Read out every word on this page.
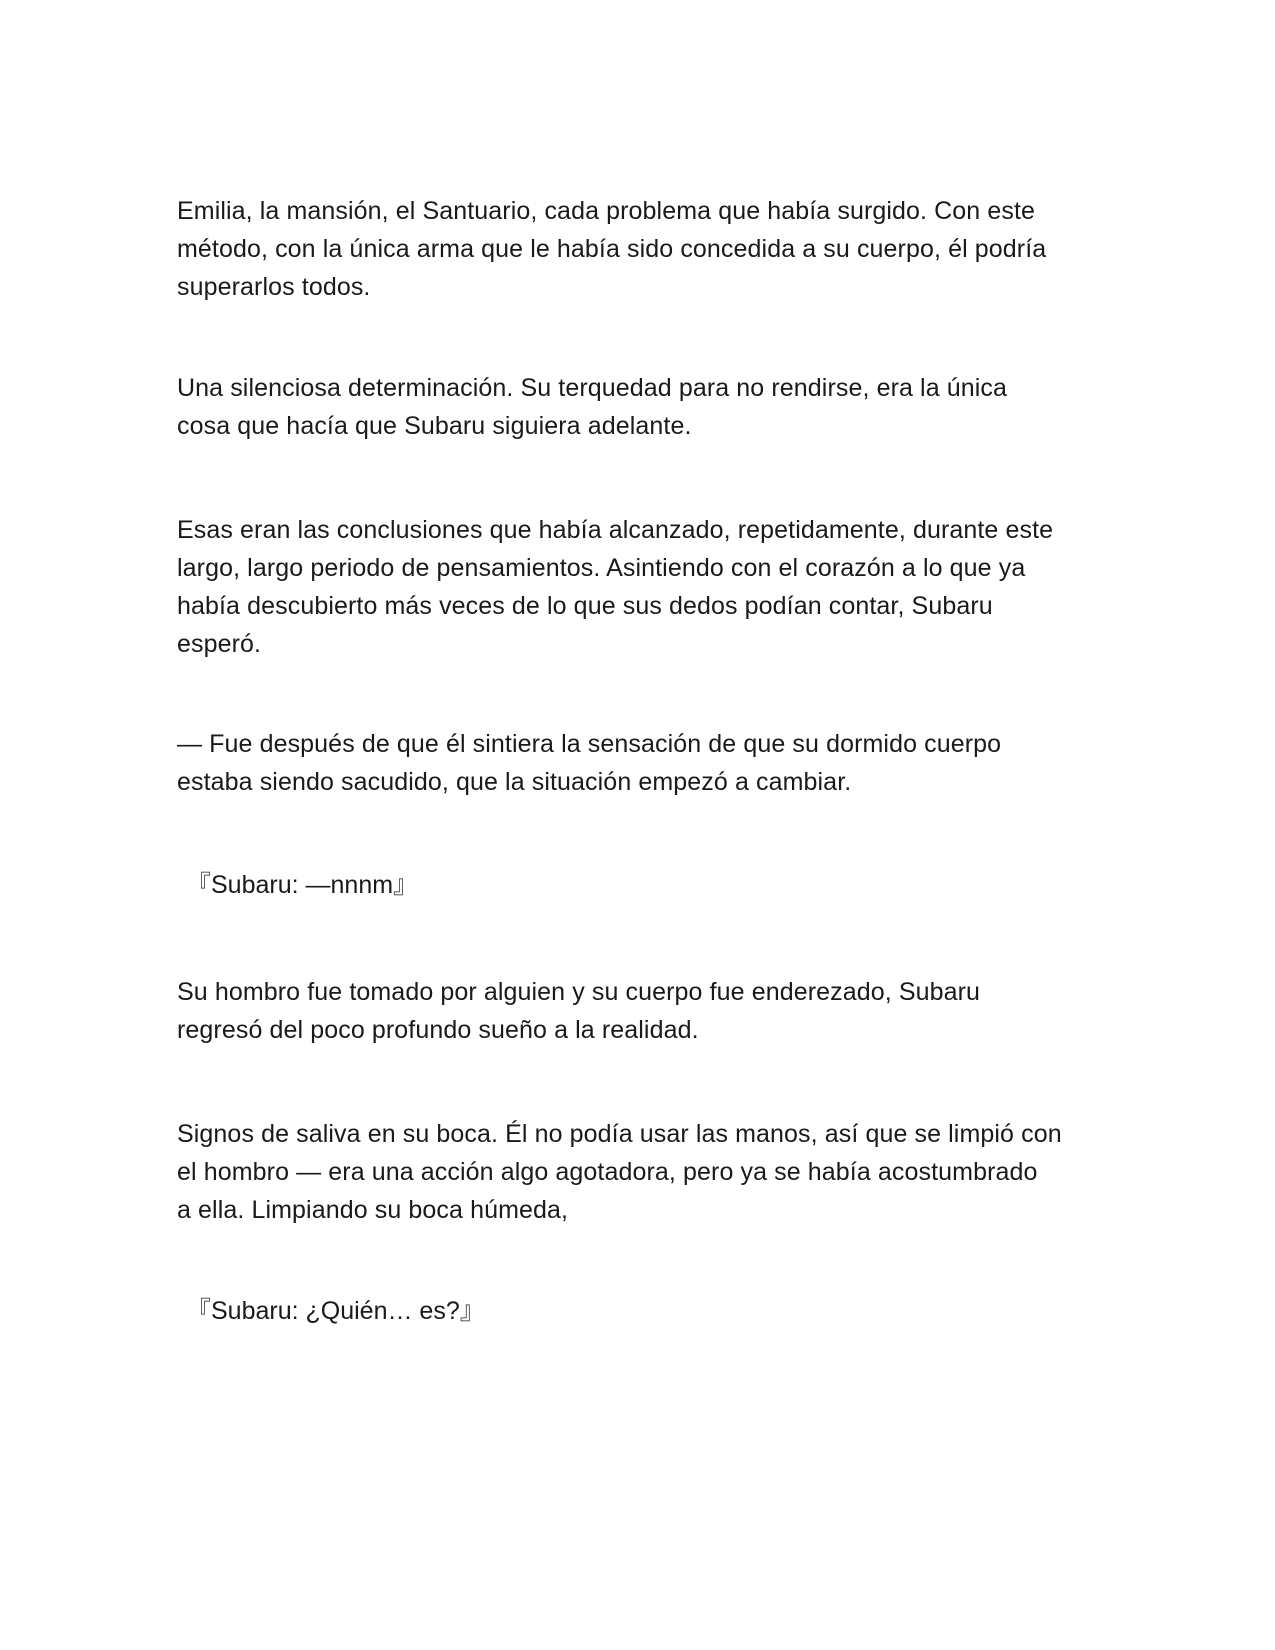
Emilia, la mansión, el Santuario, cada problema que había surgido. Con este
método, con la única arma que le había sido concedida a su cuerpo, él podría
superarlos todos.

Una silenciosa determinación. Su terquedad para no rendirse, era la única
cosa que hacía que Subaru siguiera adelante.

Esas eran las conclusiones que había alcanzado, repetidamente, durante este
largo, largo periodo de pensamientos. Asintiendo con el corazón a lo que ya
había descubierto más veces de lo que sus dedos podían contar, Subaru
esperó.

— Fue después de que él sintiera la sensación de que su dormido cuerpo
estaba siendo sacudido, que la situación empezó a cambiar.

『Subaru: —nnnm』

Su hombro fue tomado por alguien y su cuerpo fue enderezado, Subaru
regresó del poco profundo sueño a la realidad.

Signos de saliva en su boca. Él no podía usar las manos, así que se limpió con
el hombro — era una acción algo agotadora, pero ya se había acostumbrado
a ella. Limpiando su boca húmeda,

『Subaru: ¿Quién… es?』
